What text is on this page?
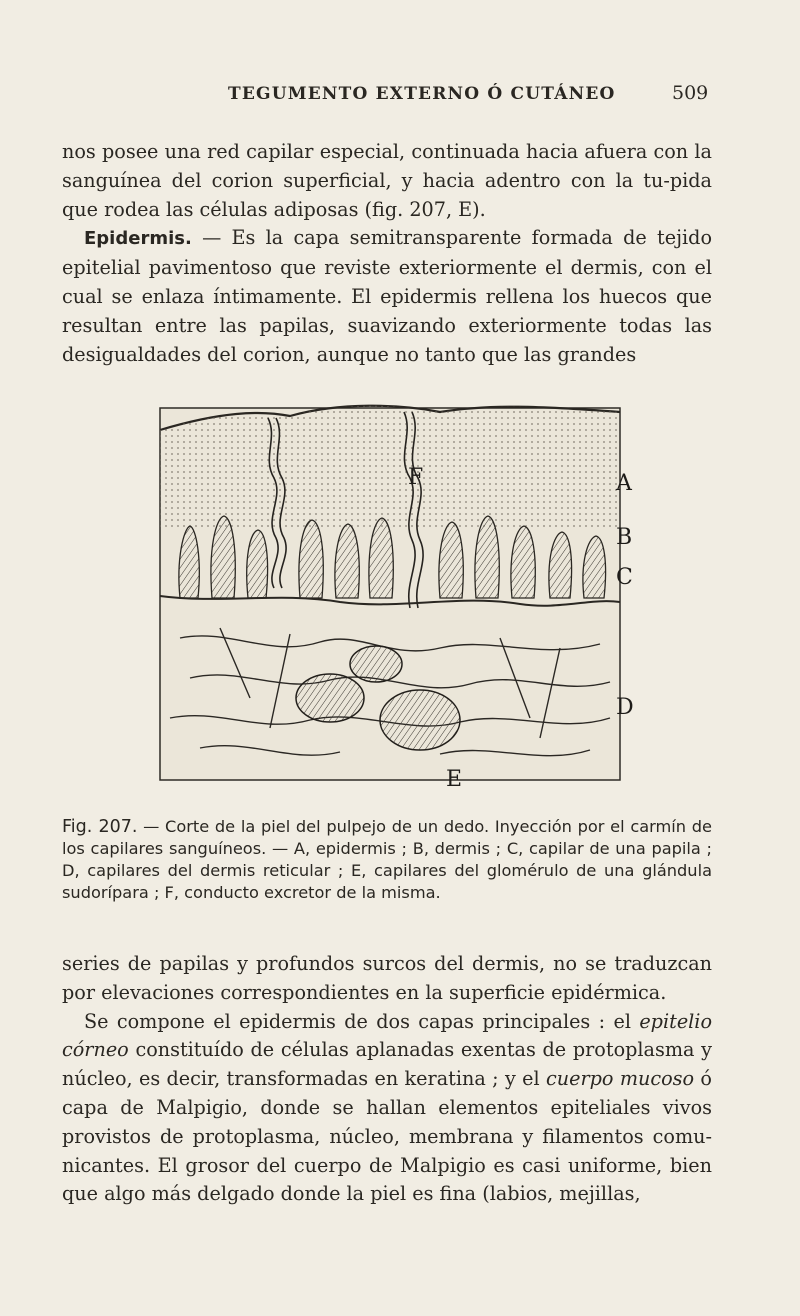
TEGUMENTO EXTERNO Ó CUTÁNEO	509

nos posee una red capilar especial, continuada hacia afuera con la sanguínea del corion superficial, y hacia adentro con la tu-pida que rodea las células adiposas (fig. 207, E).

Epidermis. — Es la capa semitransparente formada de tejido epitelial pavimentoso que reviste exteriormente el dermis, con el cual se enlaza íntimamente. El epidermis rellena los huecos que resultan entre las papilas, suavizando exteriormente todas las desigualdades del corion, aunque no tanto que las grandes

F	A
B
C
D
E

Fig. 207. — Corte de la piel del pulpejo de un dedo. Inyección por el carmín de los capilares sanguíneos. — A, epidermis ; B, dermis ; C, capilar de una papila ; D, capilares del dermis reticular ; E, capilares del glomérulo de una glándula sudorípara ; F, conducto excretor de la misma.

series de papilas y profundos surcos del dermis, no se traduzcan por elevaciones correspondientes en la superficie epidérmica.

Se compone el epidermis de dos capas principales : el epitelio córneo constituído de células aplanadas exentas de protoplasma y núcleo, es decir, transformadas en keratina ; y el cuerpo mucoso ó capa de Malpigio, donde se hallan elementos epiteliales vivos provistos de protoplasma, núcleo, membrana y filamentos comu-nicantes. El grosor del cuerpo de Malpigio es casi uniforme, bien que algo más delgado donde la piel es fina (labios, mejillas,
